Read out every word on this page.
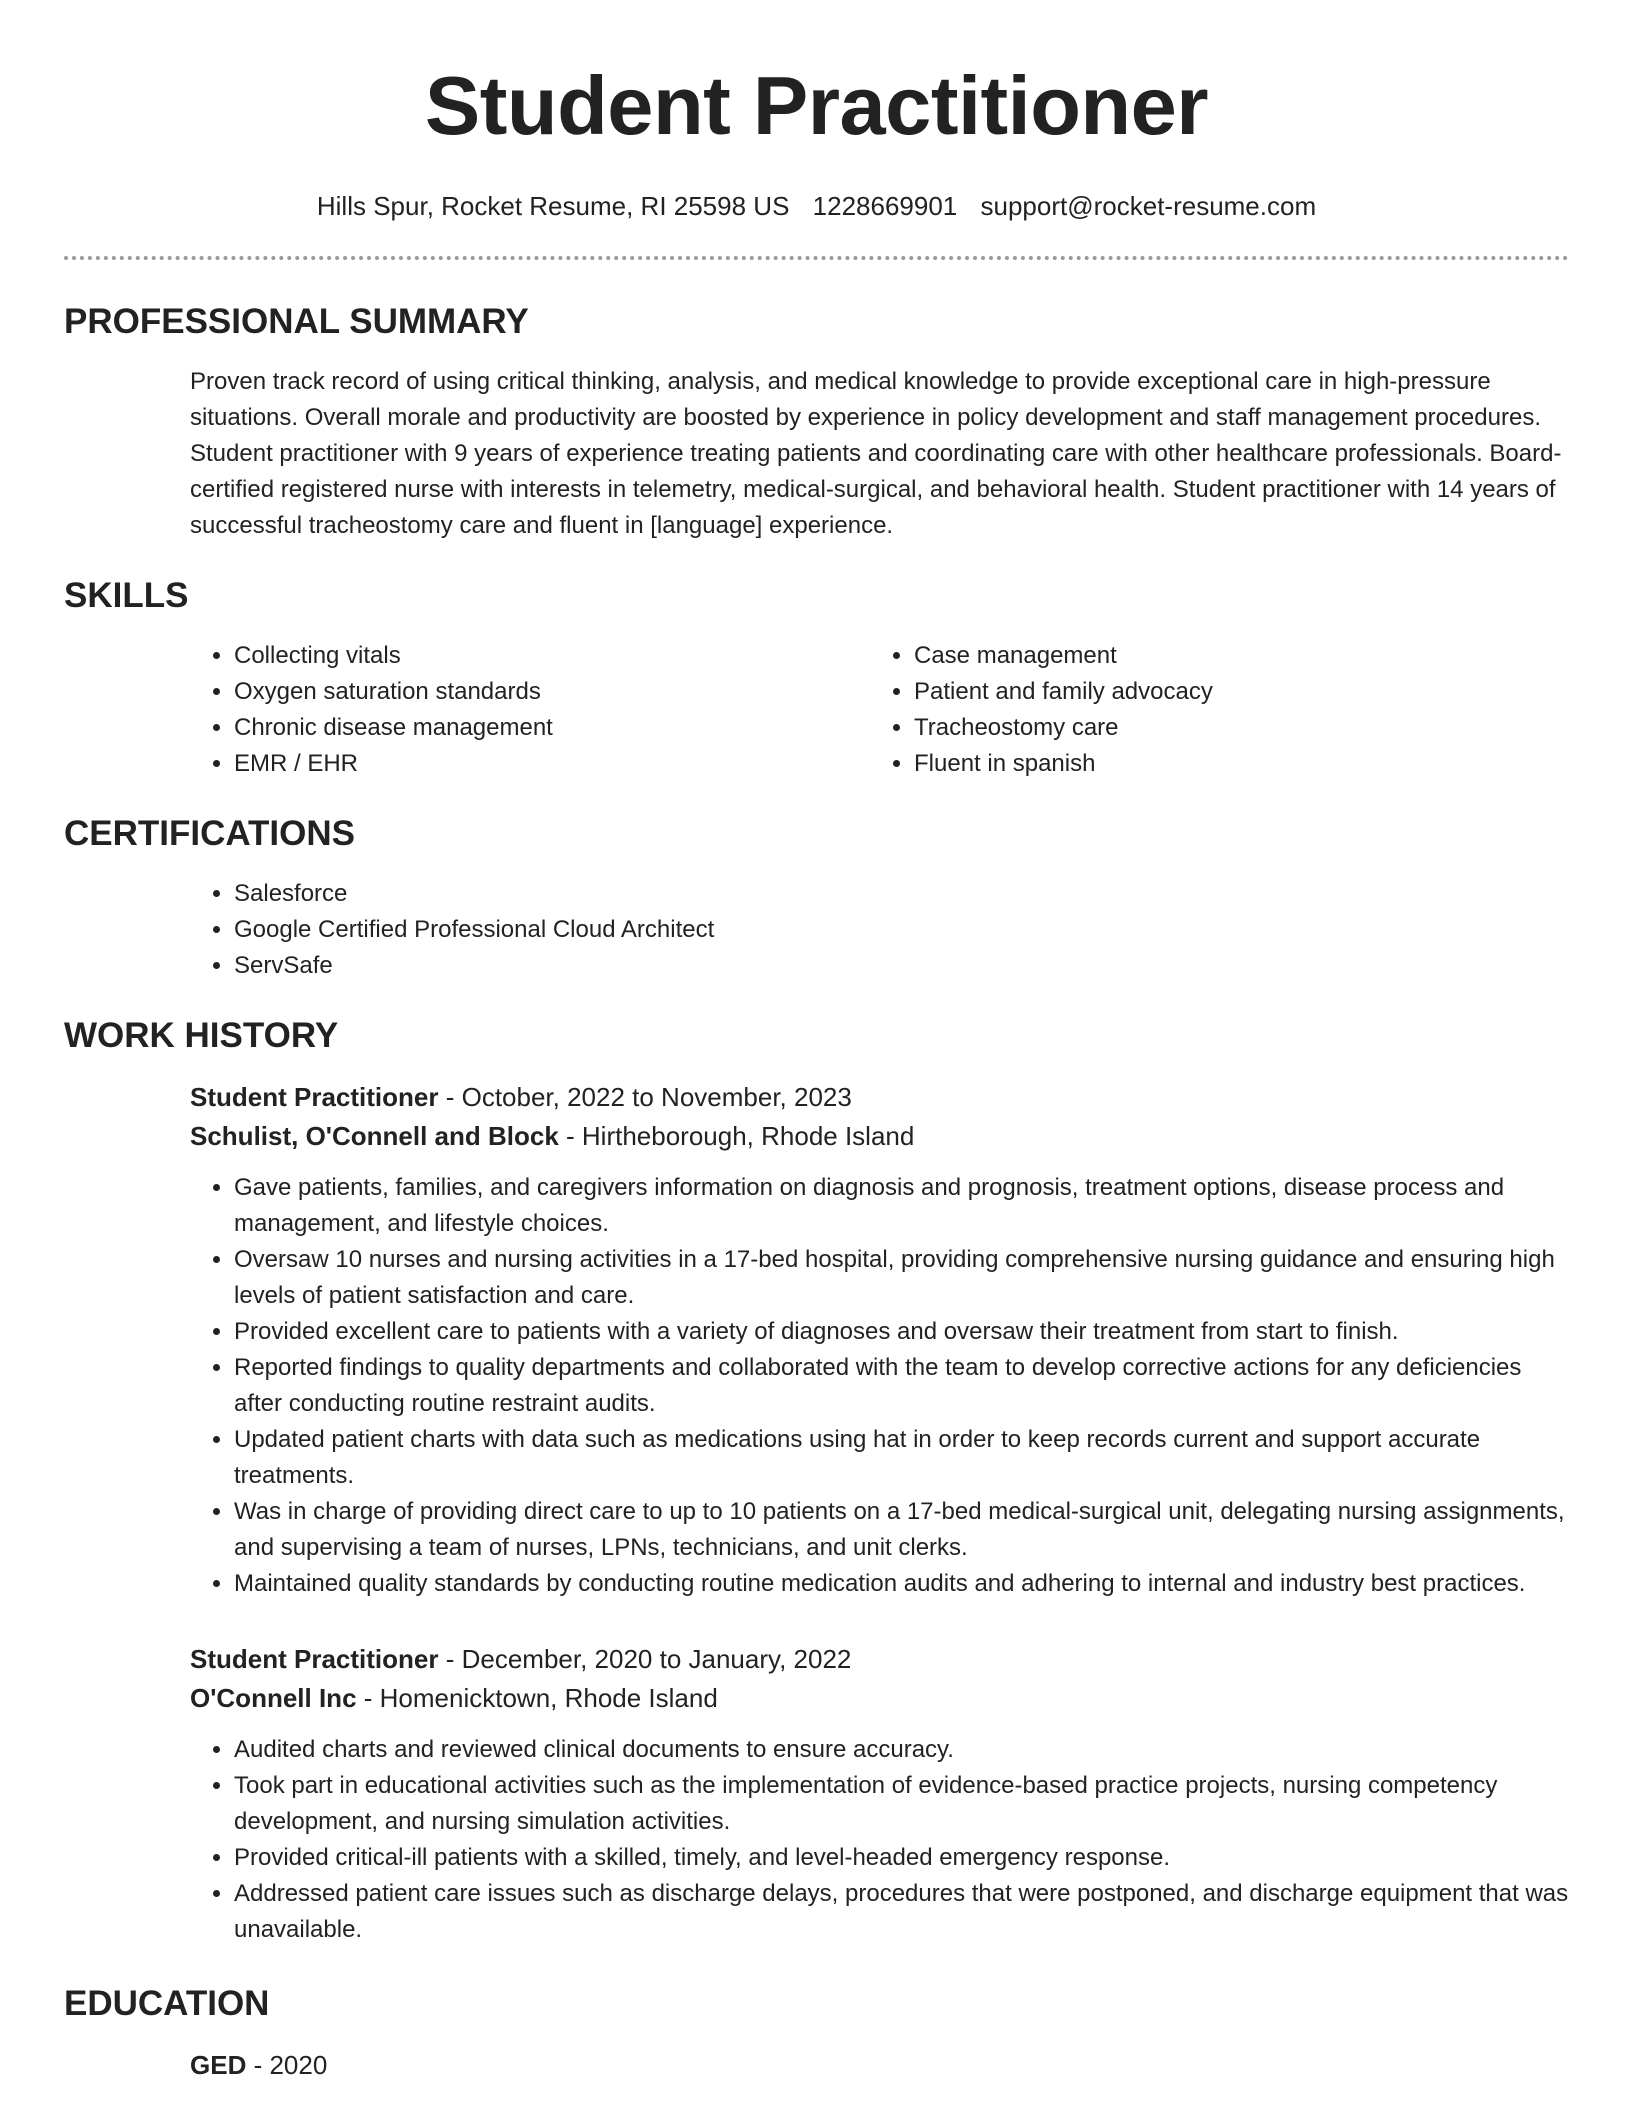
Student Practitioner
Hills Spur, Rocket Resume, RI 25598 US 1228669901 support@rocket-resume.com
PROFESSIONAL SUMMARY
Proven track record of using critical thinking, analysis, and medical knowledge to provide exceptional care in high-pressure situations. Overall morale and productivity are boosted by experience in policy development and staff management procedures. Student practitioner with 9 years of experience treating patients and coordinating care with other healthcare professionals. Board-certified registered nurse with interests in telemetry, medical-surgical, and behavioral health. Student practitioner with 14 years of successful tracheostomy care and fluent in [language] experience.
SKILLS
• Collecting vitals
• Oxygen saturation standards
• Chronic disease management
• EMR / EHR
• Case management
• Patient and family advocacy
• Tracheostomy care
• Fluent in spanish
CERTIFICATIONS
• Salesforce
• Google Certified Professional Cloud Architect
• ServSafe
WORK HISTORY
Student Practitioner - October, 2022 to November, 2023
Schulist, O'Connell and Block - Hirtheborough, Rhode Island
• Gave patients, families, and caregivers information on diagnosis and prognosis, treatment options, disease process and management, and lifestyle choices.
• Oversaw 10 nurses and nursing activities in a 17-bed hospital, providing comprehensive nursing guidance and ensuring high levels of patient satisfaction and care.
• Provided excellent care to patients with a variety of diagnoses and oversaw their treatment from start to finish.
• Reported findings to quality departments and collaborated with the team to develop corrective actions for any deficiencies after conducting routine restraint audits.
• Updated patient charts with data such as medications using hat in order to keep records current and support accurate treatments.
• Was in charge of providing direct care to up to 10 patients on a 17-bed medical-surgical unit, delegating nursing assignments, and supervising a team of nurses, LPNs, technicians, and unit clerks.
• Maintained quality standards by conducting routine medication audits and adhering to internal and industry best practices.
Student Practitioner - December, 2020 to January, 2022
O'Connell Inc - Homenicktown, Rhode Island
• Audited charts and reviewed clinical documents to ensure accuracy.
• Took part in educational activities such as the implementation of evidence-based practice projects, nursing competency development, and nursing simulation activities.
• Provided critical-ill patients with a skilled, timely, and level-headed emergency response.
• Addressed patient care issues such as discharge delays, procedures that were postponed, and discharge equipment that was unavailable.
EDUCATION
GED - 2020
